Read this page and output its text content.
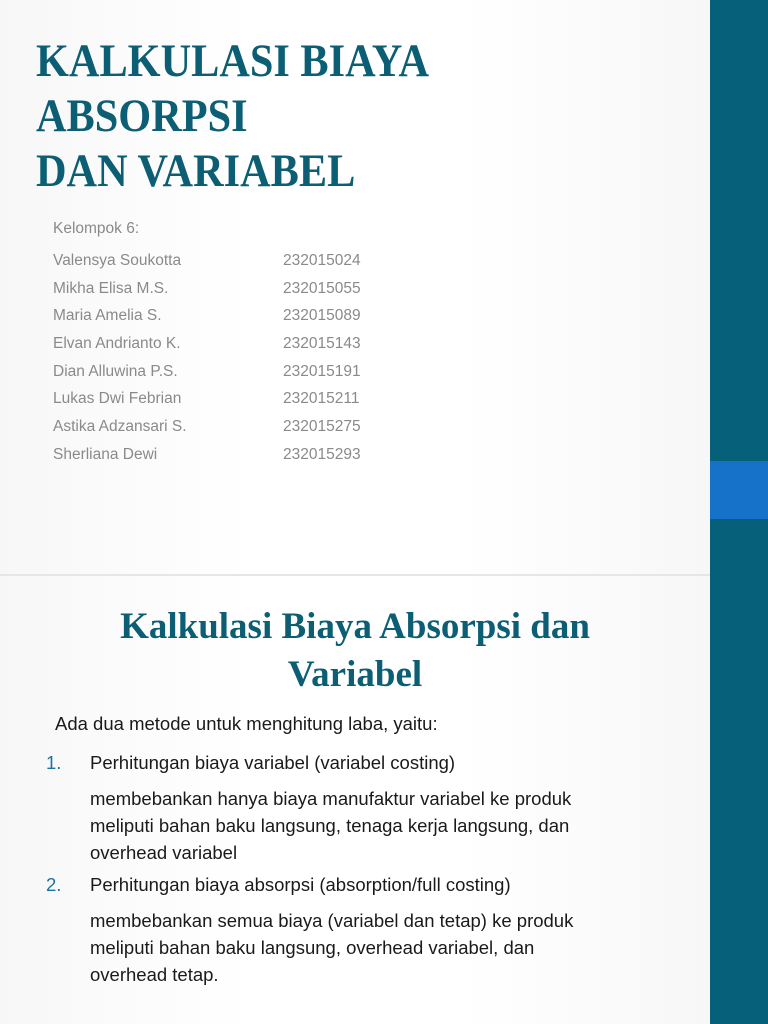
KALKULASI BIAYA ABSORPSI
DAN VARIABEL
Kelompok 6:
Valensya Soukotta	232015024
Mikha Elisa M.S.	232015055
Maria Amelia S.	232015089
Elvan Andrianto K.	232015143
Dian Alluwina P.S.	232015191
Lukas Dwi Febrian	232015211
Astika Adzansari S.	232015275
Sherliana Dewi	232015293
Kalkulasi Biaya Absorpsi dan
Variabel
Ada dua metode untuk menghitung laba, yaitu:
1. Perhitungan biaya variabel (variabel costing)
membebankan hanya biaya manufaktur variabel ke produk
meliputi bahan baku langsung, tenaga kerja langsung, dan
overhead variabel
2. Perhitungan biaya absorpsi (absorption/full costing)
membebankan semua biaya (variabel dan tetap) ke produk
meliputi bahan baku langsung, overhead variabel, dan
overhead tetap.
